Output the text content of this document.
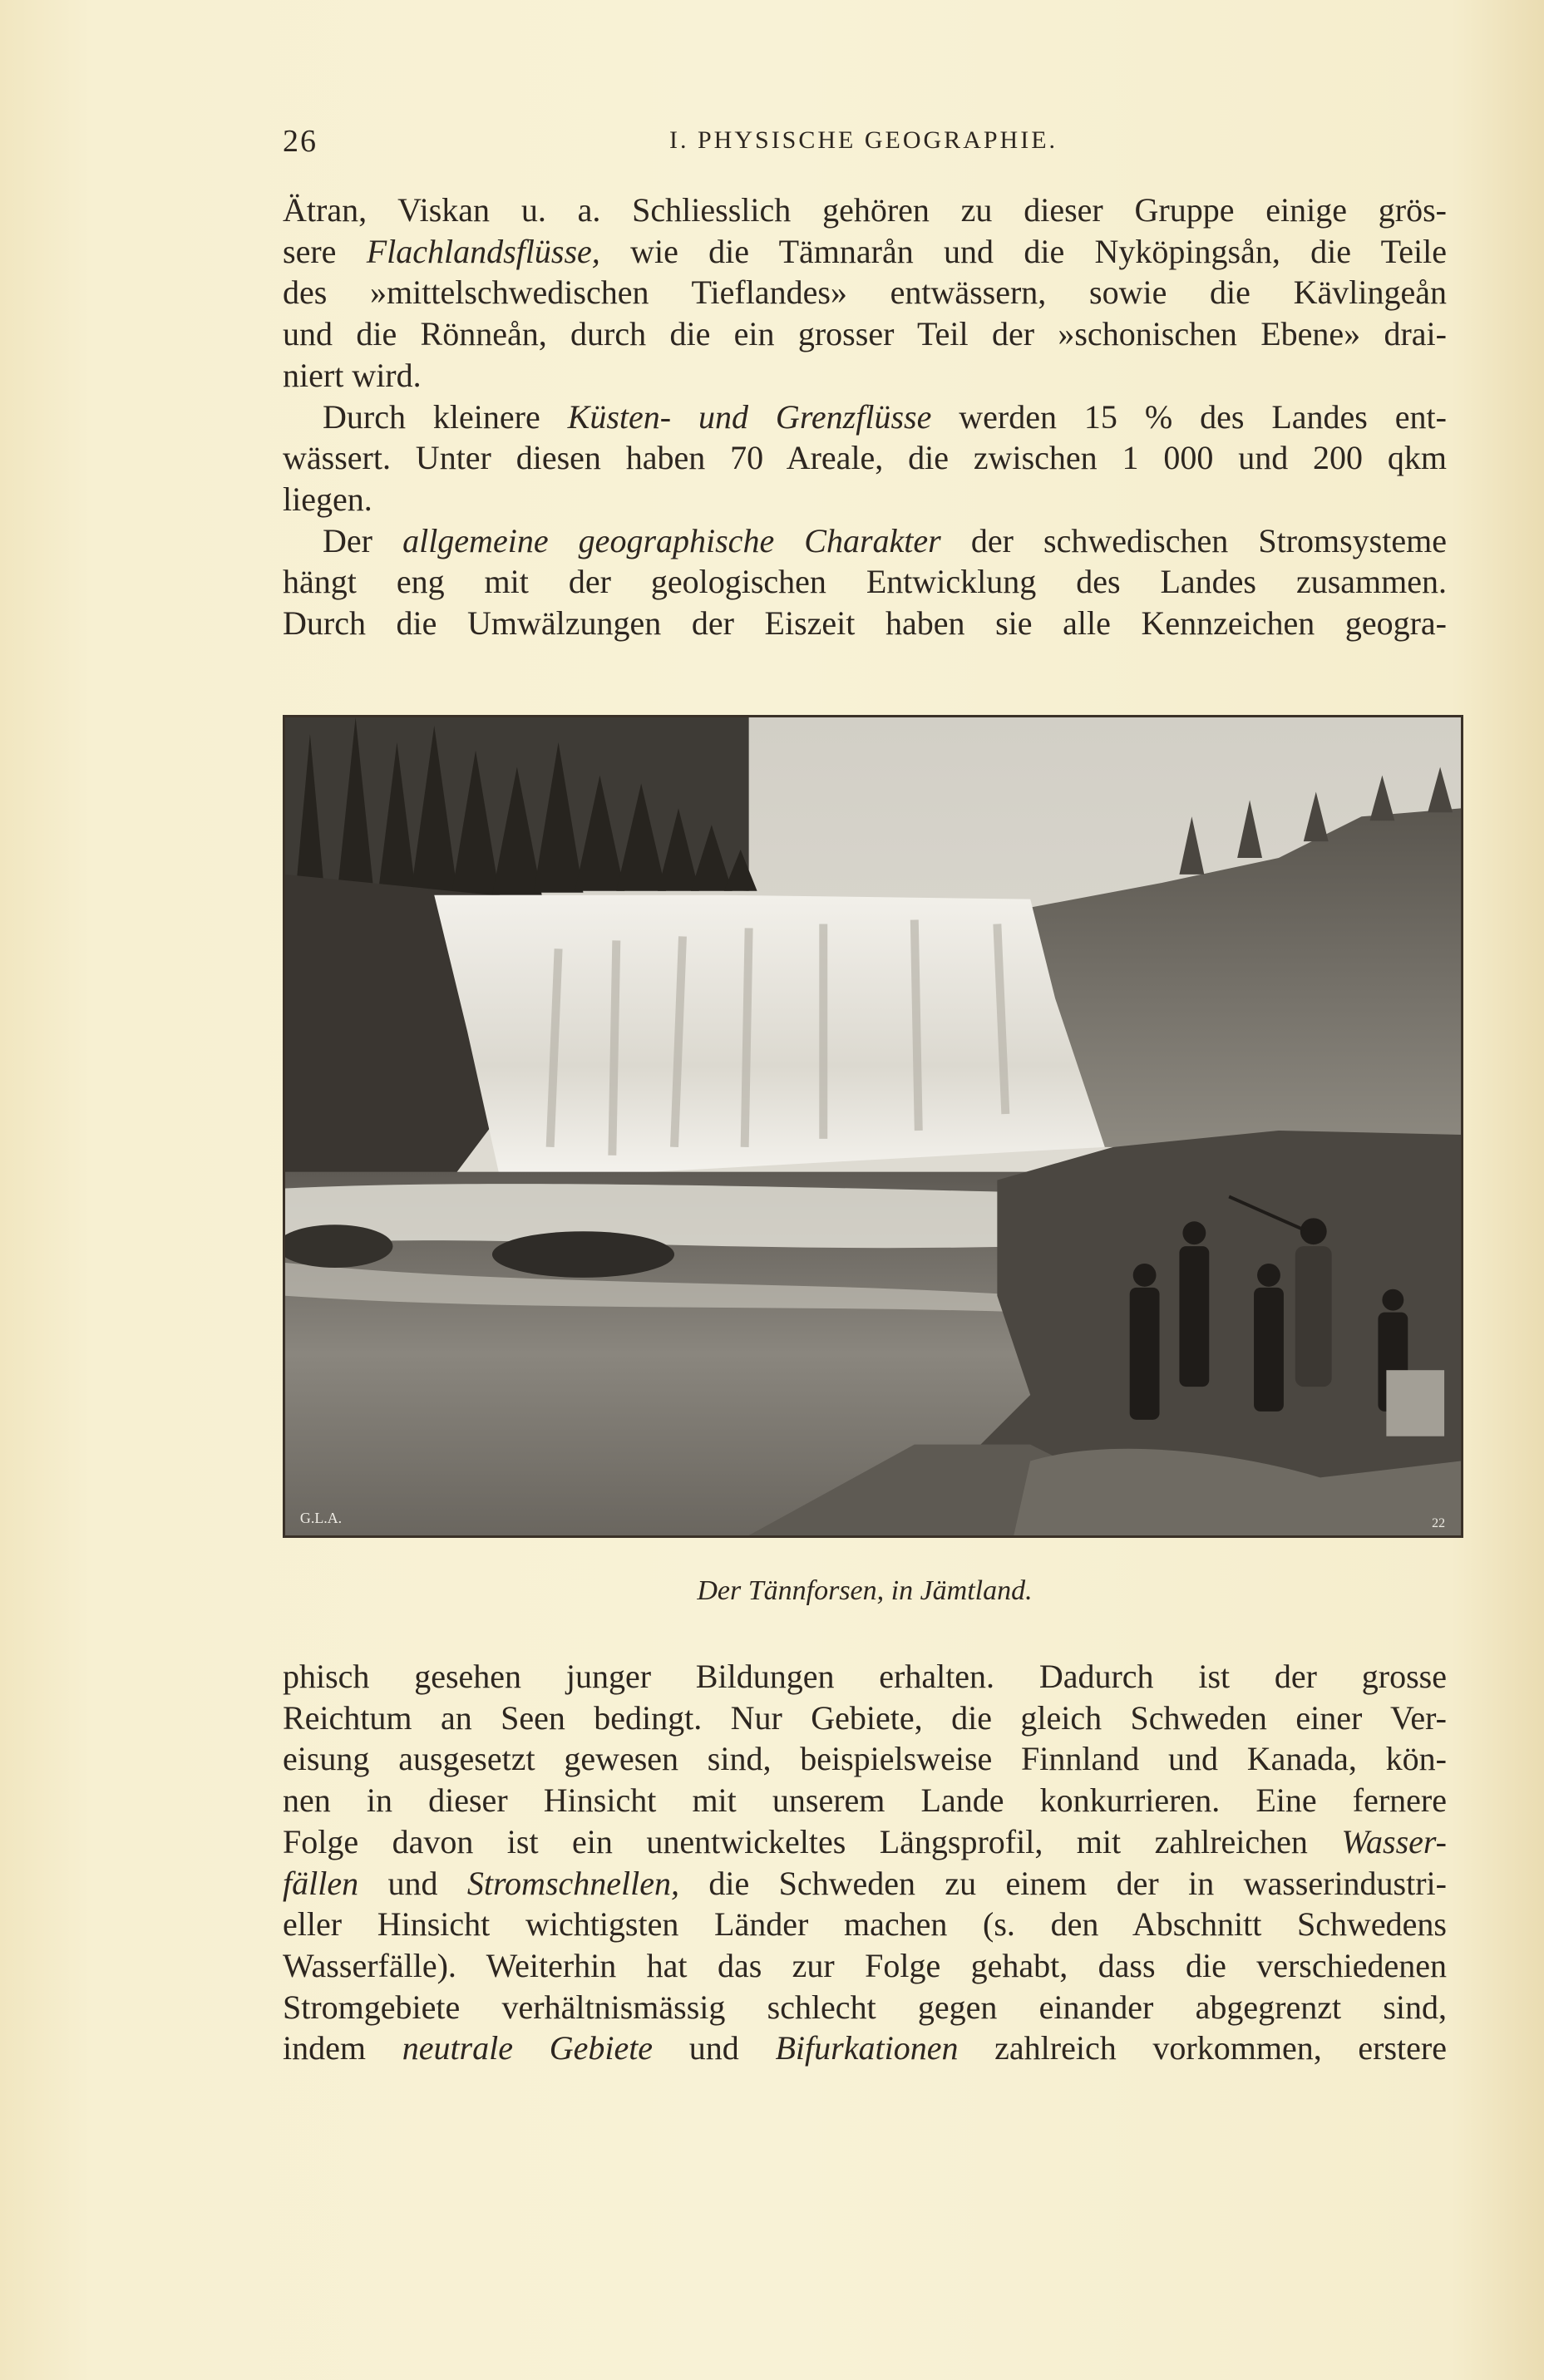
26	I. PHYSISCHE GEOGRAPHIE.

Ätran, Viskan u. a. Schliesslich gehören zu dieser Gruppe einige grös-
sere Flachlandsflüsse, wie die Tämnarån und die Nyköpingsån, die Teile
des »mittelschwedischen Tieflandes» entwässern, sowie die Kävlingeån
und die Rönneån, durch die ein grosser Teil der »schonischen Ebene» drai-
niert wird.

Durch kleinere Küsten- und Grenzflüsse werden 15 % des Landes ent-
wässert. Unter diesen haben 70 Areale, die zwischen 1 000 und 200 qkm
liegen.

Der allgemeine geographische Charakter der schwedischen Stromsysteme
hängt eng mit der geologischen Entwicklung des Landes zusammen.
Durch die Umwälzungen der Eiszeit haben sie alle Kennzeichen geogra-

G.L.A.	22
Der Tännforsen, in Jämtland.

phisch gesehen junger Bildungen erhalten. Dadurch ist der grosse
Reichtum an Seen bedingt. Nur Gebiete, die gleich Schweden einer Ver-
eisung ausgesetzt gewesen sind, beispielsweise Finnland und Kanada, kön-
nen in dieser Hinsicht mit unserem Lande konkurrieren. Eine fernere
Folge davon ist ein unentwickeltes Längsprofil, mit zahlreichen Wasser-
fällen und Stromschnellen, die Schweden zu einem der in wasserindustri-
eller Hinsicht wichtigsten Länder machen (s. den Abschnitt Schwedens
Wasserfälle). Weiterhin hat das zur Folge gehabt, dass die verschiedenen
Stromgebiete verhältnismässig schlecht gegen einander abgegrenzt sind,
indem neutrale Gebiete und Bifurkationen zahlreich vorkommen, erstere
